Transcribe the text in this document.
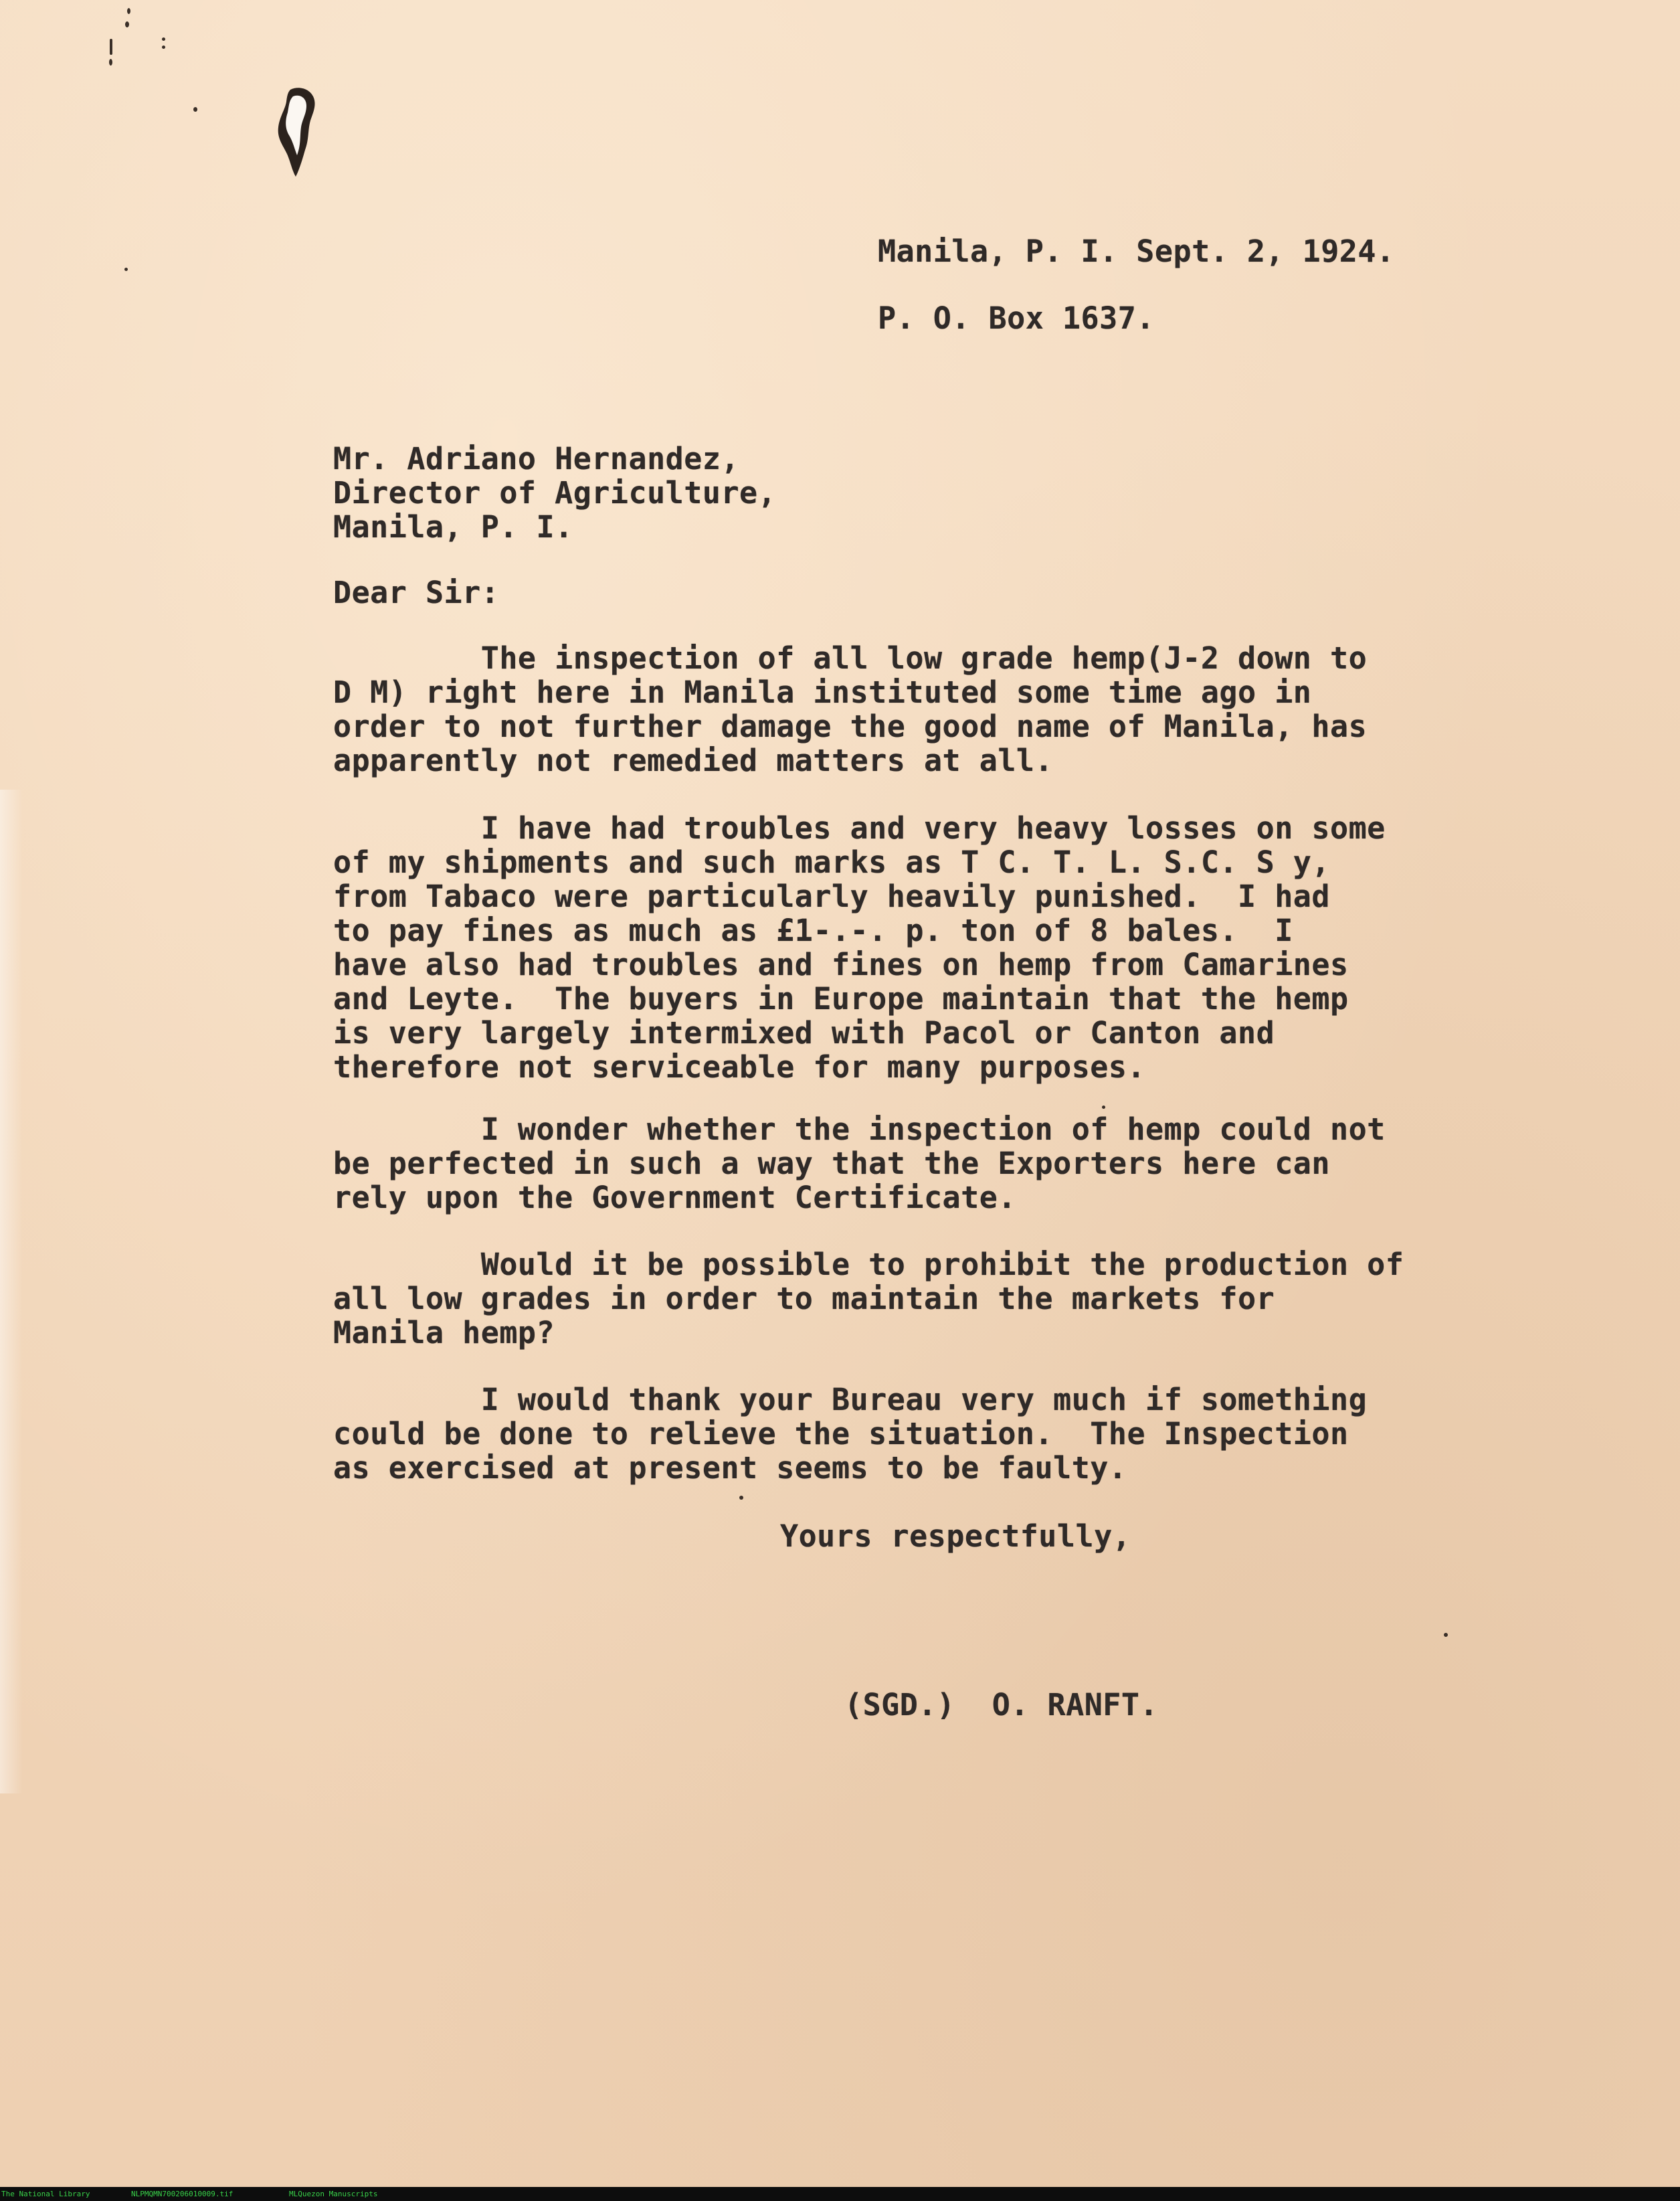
Manila, P. I. Sept. 2, 1924.
P. O. Box 1637.
Mr. Adriano Hernandez,
Director of Agriculture,
Manila, P. I.
Dear Sir:
The inspection of all low grade hemp(J-2 down to
D M) right here in Manila instituted some time ago in
order to not further damage the good name of Manila, has
apparently not remedied matters at all.
I have had troubles and very heavy losses on some
of my shipments and such marks as T C. T. L. S.C. S y,
from Tabaco were particularly heavily punished.  I had
to pay fines as much as £1-.-. p. ton of 8 bales.  I
have also had troubles and fines on hemp from Camarines
and Leyte.  The buyers in Europe maintain that the hemp
is very largely intermixed with Pacol or Canton and
therefore not serviceable for many purposes.
I wonder whether the inspection of hemp could not
be perfected in such a way that the Exporters here can
rely upon the Government Certificate.
Would it be possible to prohibit the production of
all low grades in order to maintain the markets for
Manila hemp?
I would thank your Bureau very much if something
could be done to relieve the situation.  The Inspection
as exercised at present seems to be faulty.
Yours respectfully,
(SGD.)  O. RANFT.
The National Library	NLPMQMN700206010009.tif	MLQuezon Manuscripts
